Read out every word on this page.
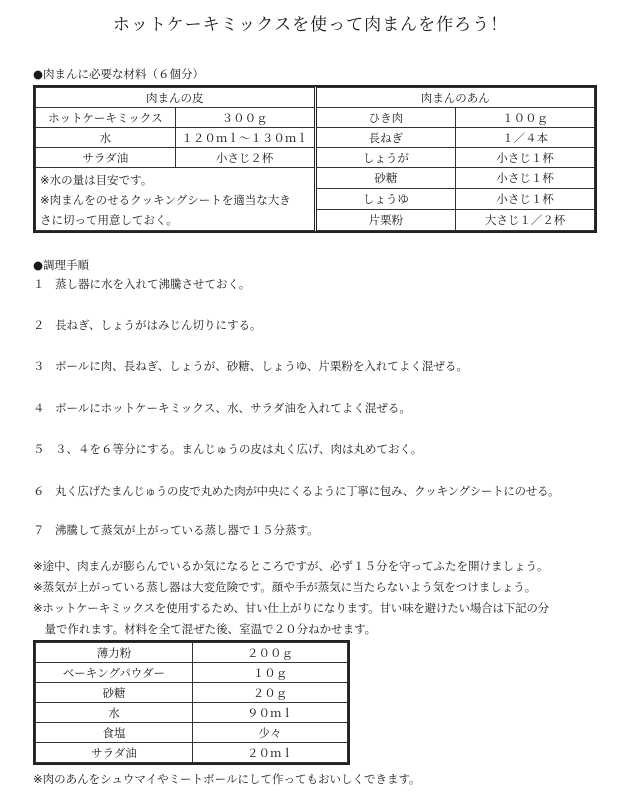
ホットケーキミックスを使って肉まんを作ろう！
●肉まんに必要な材料（６個分）
肉まんの皮		肉まんのあん	
ホットケーキミックス	３００ｇ	ひき肉	１００ｇ
水	１２０ｍｌ～１３０ｍｌ	長ねぎ	１／４本
サラダ油	小さじ２杯	しょうが	小さじ１杯

※水の量は目安です。
※肉まんをのせるクッキングシートを適当な大き
さに切って用意しておく。		砂糖	小さじ１杯
		しょうゆ	小さじ１杯
		片栗粉	大さじ１／２杯
●調理手順
１ 蒸し器に水を入れて沸騰させておく。
２ 長ねぎ、しょうがはみじん切りにする。
３ ボールに肉、長ねぎ、しょうが、砂糖、しょうゆ、片栗粉を入れてよく混ぜる。
４ ボールにホットケーキミックス、水、サラダ油を入れてよく混ぜる。
５ ３、４を６等分にする。まんじゅうの皮は丸く広げ、肉は丸めておく。
６ 丸く広げたまんじゅうの皮で丸めた肉が中央にくるように丁寧に包み、クッキングシートにのせる。
７ 沸騰して蒸気が上がっている蒸し器で１５分蒸す。
※途中、肉まんが膨らんでいるか気になるところですが、必ず１５分を守ってふたを開けましょう。
※蒸気が上がっている蒸し器は大変危険です。顔や手が蒸気に当たらないよう気をつけましょう。
※ホットケーキミックスを使用するため、甘い仕上がりになります。甘い味を避けたい場合は下記の分
　量で作れます。材料を全て混ぜた後、室温で２０分ねかせます。
薄力粉	２００ｇ
ベーキングパウダー	１０ｇ
砂糖	２０ｇ
水	９０ｍｌ
食塩	少々
サラダ油	２０ｍｌ
※肉のあんをシュウマイやミートボールにして作ってもおいしくできます。
